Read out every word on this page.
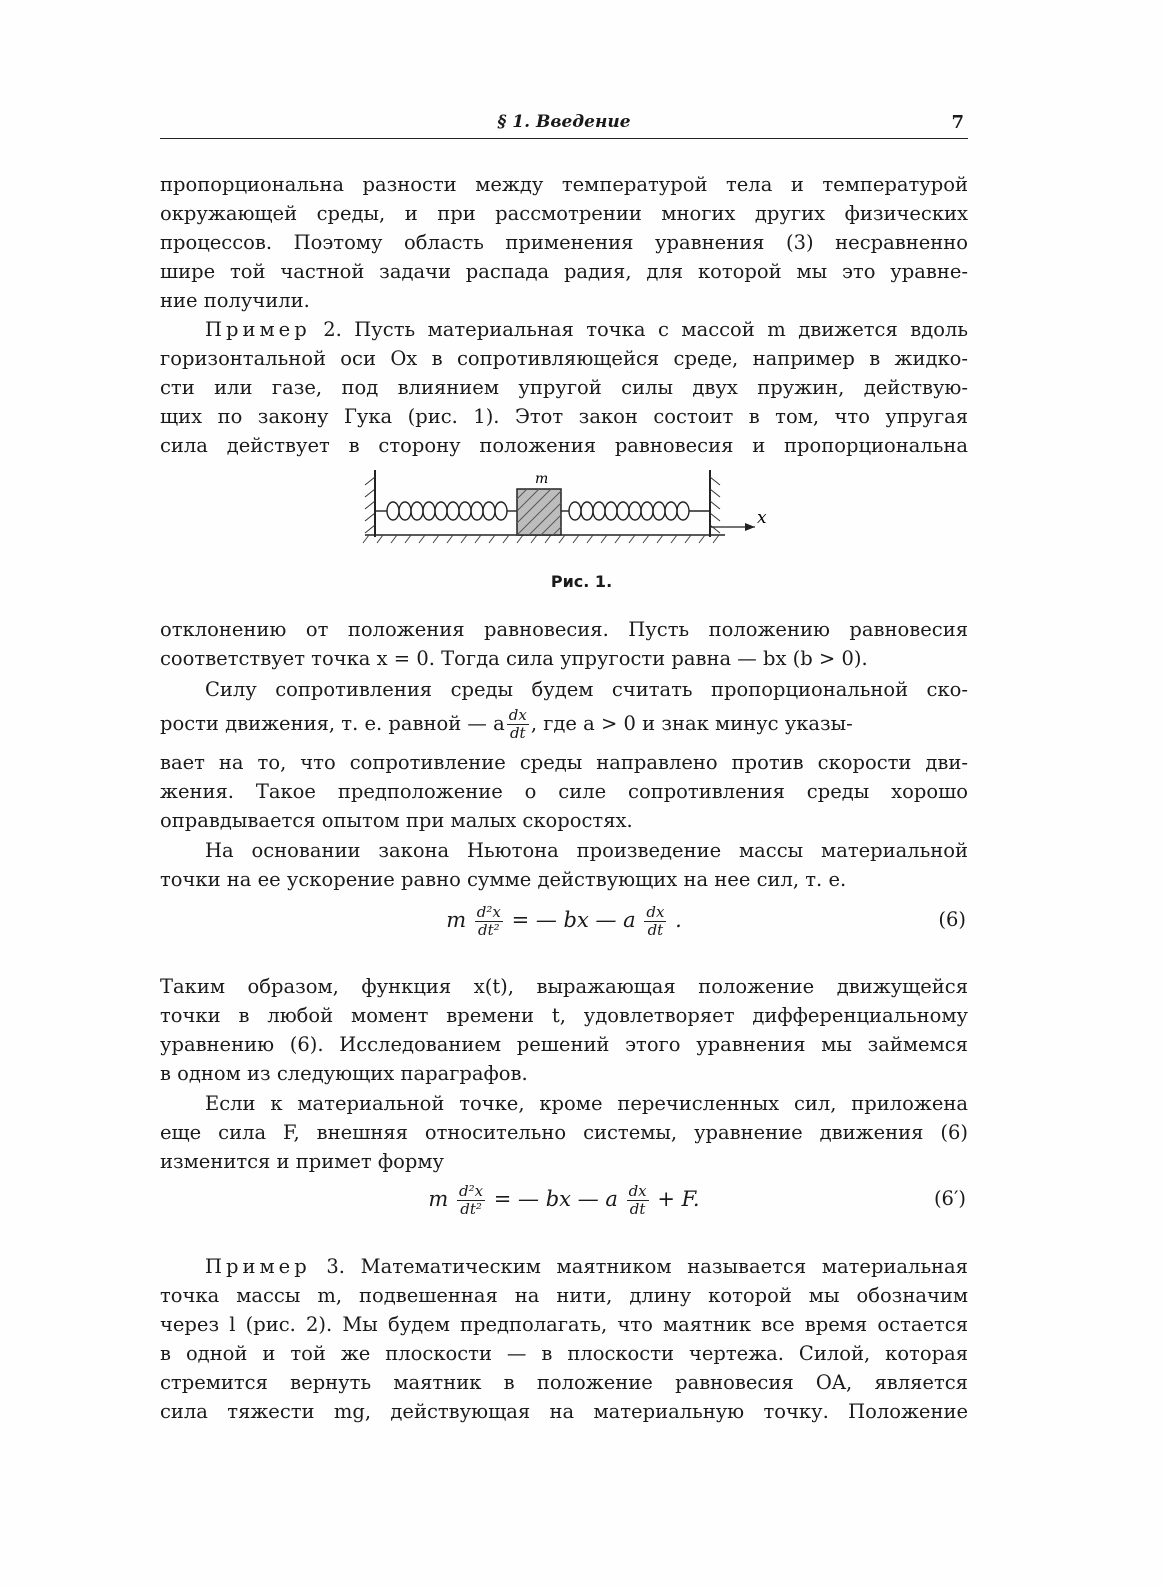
§ 1. Введение	7

пропорциональна разности между температурой тела и температурой
окружающей среды, и при рассмотрении многих других физических
процессов. Поэтому область применения уравнения (3) несравненно
шире той частной задачи распада радия, для которой мы это уравне-
ние получили.

Пример 2. Пусть материальная точка с массой m движется вдоль
горизонтальной оси Ox в сопротивляющейся среде, например в жидко-
сти или газе, под влиянием упругой силы двух пружин, действую-
щих по закону Гука (рис. 1). Этот закон состоит в том, что упругая
сила действует в сторону положения равновесия и пропорциональна

m
x
Рис. 1.

отклонению от положения равновесия. Пусть положению равновесия
соответствует точка x = 0. Тогда сила упругости равна — bx (b > 0).

Силу сопротивления среды будем считать пропорциональной ско-

рости движения, т. е. равной — a $\frac{dx}{dt}$ , где a > 0 и знак минус указы-

вает на то, что сопротивление среды направлено против скорости дви-
жения. Такое предположение о силе сопротивления среды хорошо
оправдывается опытом при малых скоростях.

На основании закона Ньютона произведение массы материальной
точки на ее ускорение равно сумме действующих на нее сил, т. е.

m $\frac{\text{d²x}}{\text{dt²}}$ = — bx — a $\frac{dx}{dt}$ .	(6)

Таким образом, функция x(t), выражающая положение движущейся
точки в любой момент времени t, удовлетворяет дифференциальному
уравнению (6). Исследованием решений этого уравнения мы займемся
в одном из следующих параграфов.

Если к материальной точке, кроме перечисленных сил, приложена
еще сила F, внешняя относительно системы, уравнение движения (6)
изменится и примет форму

m $\frac{\text{d²x}}{\text{dt²}}$ = — bx — a $\frac{dx}{dt} + F$.	(6′)

Пример 3. Математическим маятником называется материальная
точка массы m, подвешенная на нити, длину которой мы обозначим
через l (рис. 2). Мы будем предполагать, что маятник все время остается
в одной и той же плоскости — в плоскости чертежа. Силой, которая
стремится вернуть маятник в положение равновесия OA, является
сила тяжести mg, действующая на материальную точку. Положение
